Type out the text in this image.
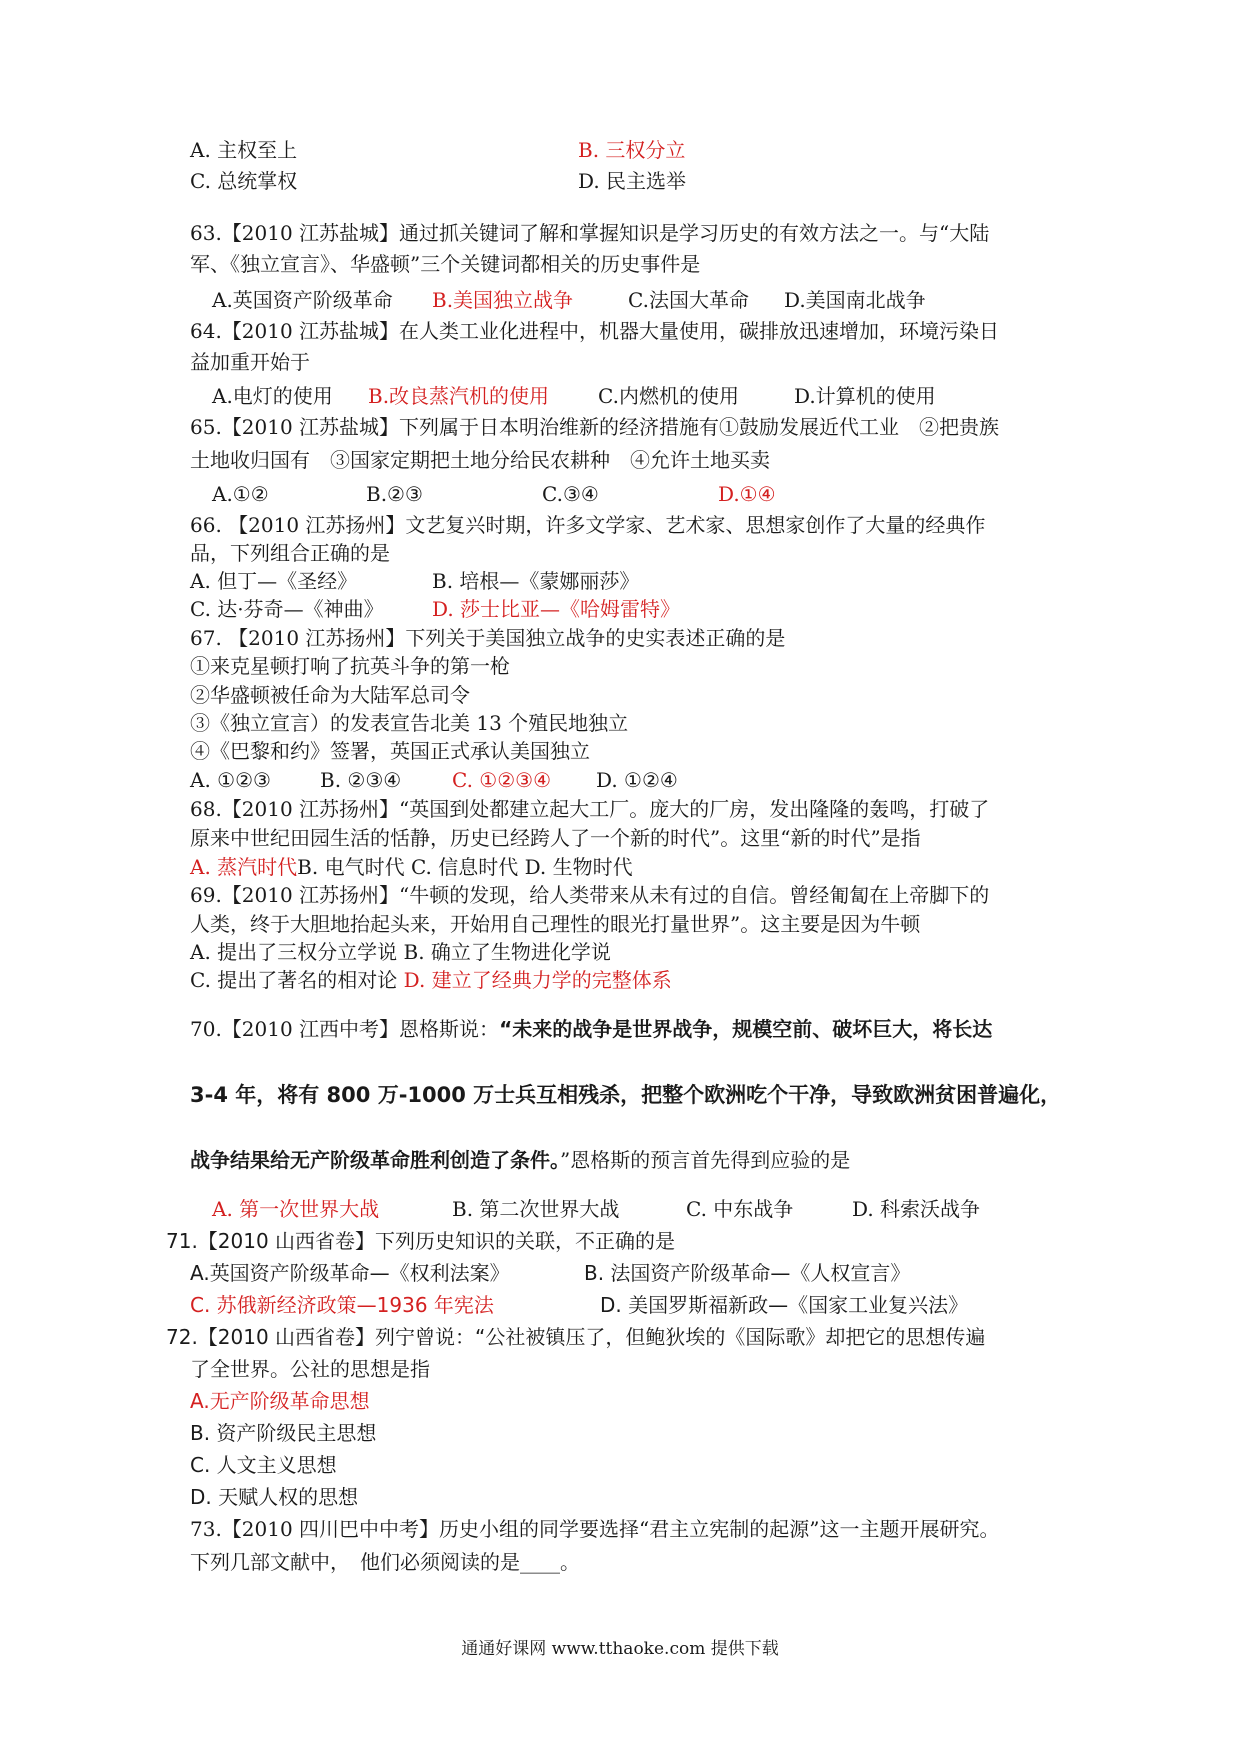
A. 主权至上	B. 三权分立
C. 总统掌权	D. 民主选举
63.【2010 江苏盐城】通过抓关键词了解和掌握知识是学习历史的有效方法之一。与“大陆
军、《独立宣言》、华盛顿”三个关键词都相关的历史事件是
A.英国资产阶级革命 B.美国独立战争	C.法国大革命 D.美国南北战争
64.【2010 江苏盐城】在人类工业化进程中，机器大量使用，碳排放迅速增加，环境污染日
益加重开始于
A.电灯的使用 B.改良蒸汽机的使用 C.内燃机的使用	D.计算机的使用
65.【2010 江苏盐城】下列属于日本明治维新的经济措施有①鼓励发展近代工业　②把贵族
土地收归国有　③国家定期把土地分给民农耕种　④允许土地买卖
A.①②	B.②③	C.③④	D.①④
66. 【2010 江苏扬州】文艺复兴时期，许多文学家、艺术家、思想家创作了大量的经典作
品，下列组合正确的是
A. 但丁—《圣经》	B. 培根—《蒙娜丽莎》
C. 达·芬奇—《神曲》 D. 莎士比亚—《哈姆雷特》
67. 【2010 江苏扬州】下列关于美国独立战争的史实表述正确的是
①来克星顿打响了抗英斗争的第一枪
②华盛顿被任命为大陆军总司令
③《独立宣言）的发表宣告北美 13 个殖民地独立
④《巴黎和约》签署，英国正式承认美国独立
A. ①②③ B. ②③④	C. ①②③④ D. ①②④
68.【2010 江苏扬州】“英国到处都建立起大工厂。庞大的厂房，发出隆隆的轰鸣，打破了
原来中世纪田园生活的恬静，历史已经跨人了一个新的时代”。这里“新的时代”是指
A. 蒸汽时代B. 电气时代 C. 信息时代 D. 生物时代
69.【2010 江苏扬州】“牛顿的发现，给人类带来从未有过的自信。曾经匍匐在上帝脚下的
人类，终于大胆地抬起头来，开始用自己理性的眼光打量世界”。这主要是因为牛顿
A. 提出了三权分立学说 B. 确立了生物进化学说
C. 提出了著名的相对论 D. 建立了经典力学的完整体系
70.【2010 江西中考】恩格斯说：“未来的战争是世界战争，规模空前、破坏巨大，将长达
3-4 年，将有 800 万-1000 万士兵互相残杀，把整个欧洲吃个干净，导致欧洲贫困普遍化，
战争结果给无产阶级革命胜利创造了条件。”恩格斯的预言首先得到应验的是
A. 第一次世界大战	B. 第二次世界大战	C. 中东战争	D. 科索沃战争
71.【2010 山西省卷】下列历史知识的关联，不正确的是
A.英国资产阶级革命—《权利法案》	B. 法国资产阶级革命—《人权宣言》
C. 苏俄新经济政策—1936 年宪法	D. 美国罗斯福新政—《国家工业复兴法》
72.【2010 山西省卷】列宁曾说：“公社被镇压了，但鲍狄埃的《国际歌》却把它的思想传遍
了全世界。公社的思想是指
A.无产阶级革命思想
B. 资产阶级民主思想
C. 人文主义思想
D. 天赋人权的思想
73.【2010 四川巴中中考】历史小组的同学要选择“君主立宪制的起源”这一主题开展研究。
下列几部文献中，　他们必须阅读的是____。
通通好课网 www.tthaoke.com 提供下载
